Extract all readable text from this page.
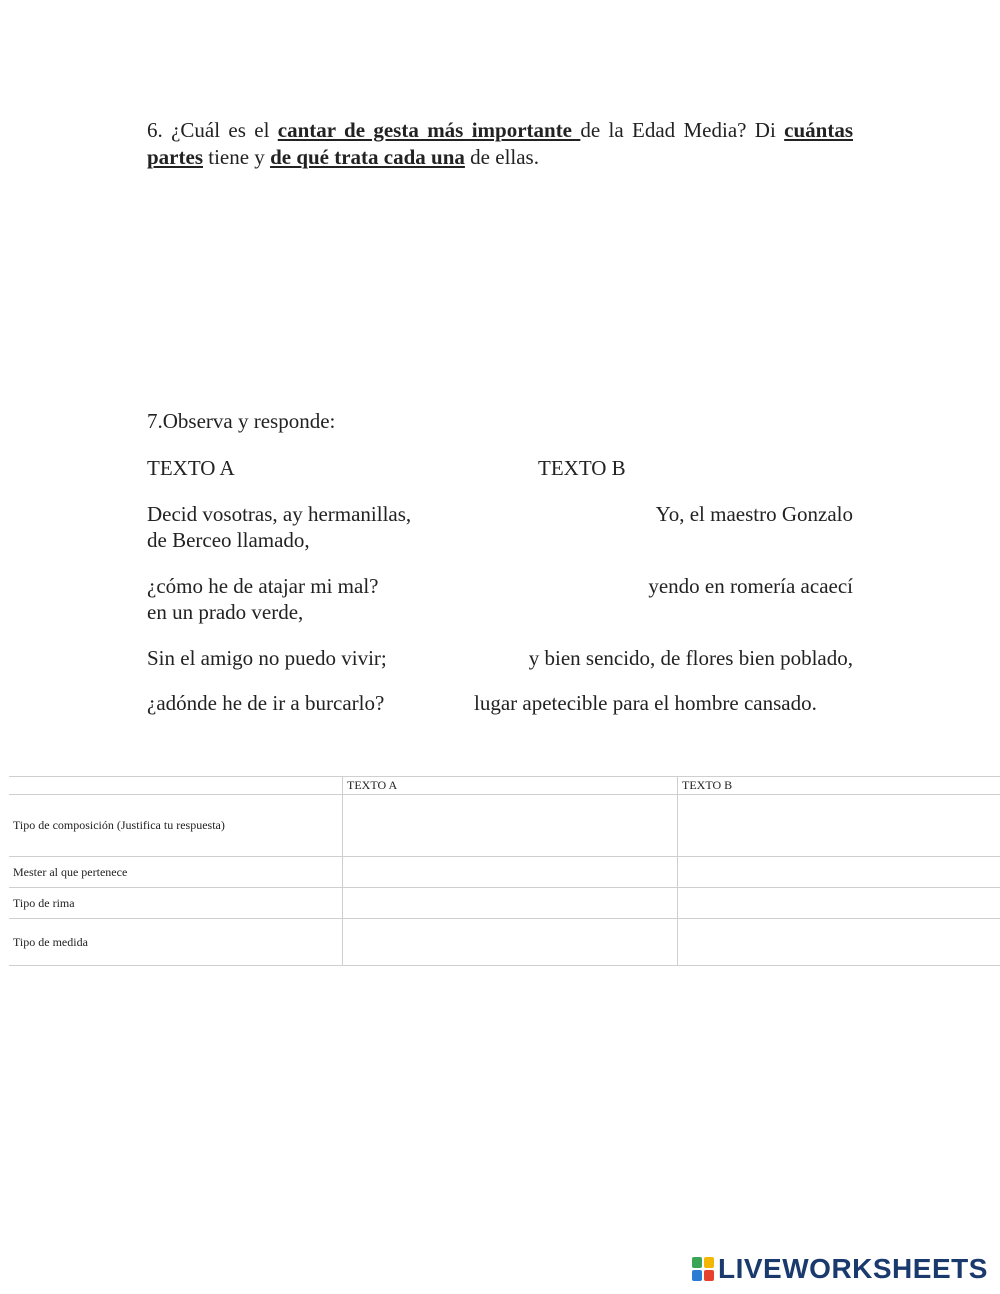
6. ¿Cuál es el cantar de gesta más importante de la Edad Media? Di cuántas partes tiene y de qué trata cada una de ellas.
7.Observa y responde:
TEXTO A	TEXTO B
Decid vosotras, ay hermanillas,	Yo, el maestro Gonzalo
de Berceo llamado,
¿cómo he de atajar mi mal?	yendo en romería acaecí
en un prado verde,
Sin el amigo no puedo vivir;	y bien sencido, de flores bien poblado,
¿adónde he de ir a burcarlo?	lugar apetecible para el hombre cansado.
	TEXTO A	TEXTO B
Tipo de composición (Justifica tu respuesta)		
Mester al que pertenece		
Tipo de rima		
Tipo de medida		
LIVEWORKSHEETS
